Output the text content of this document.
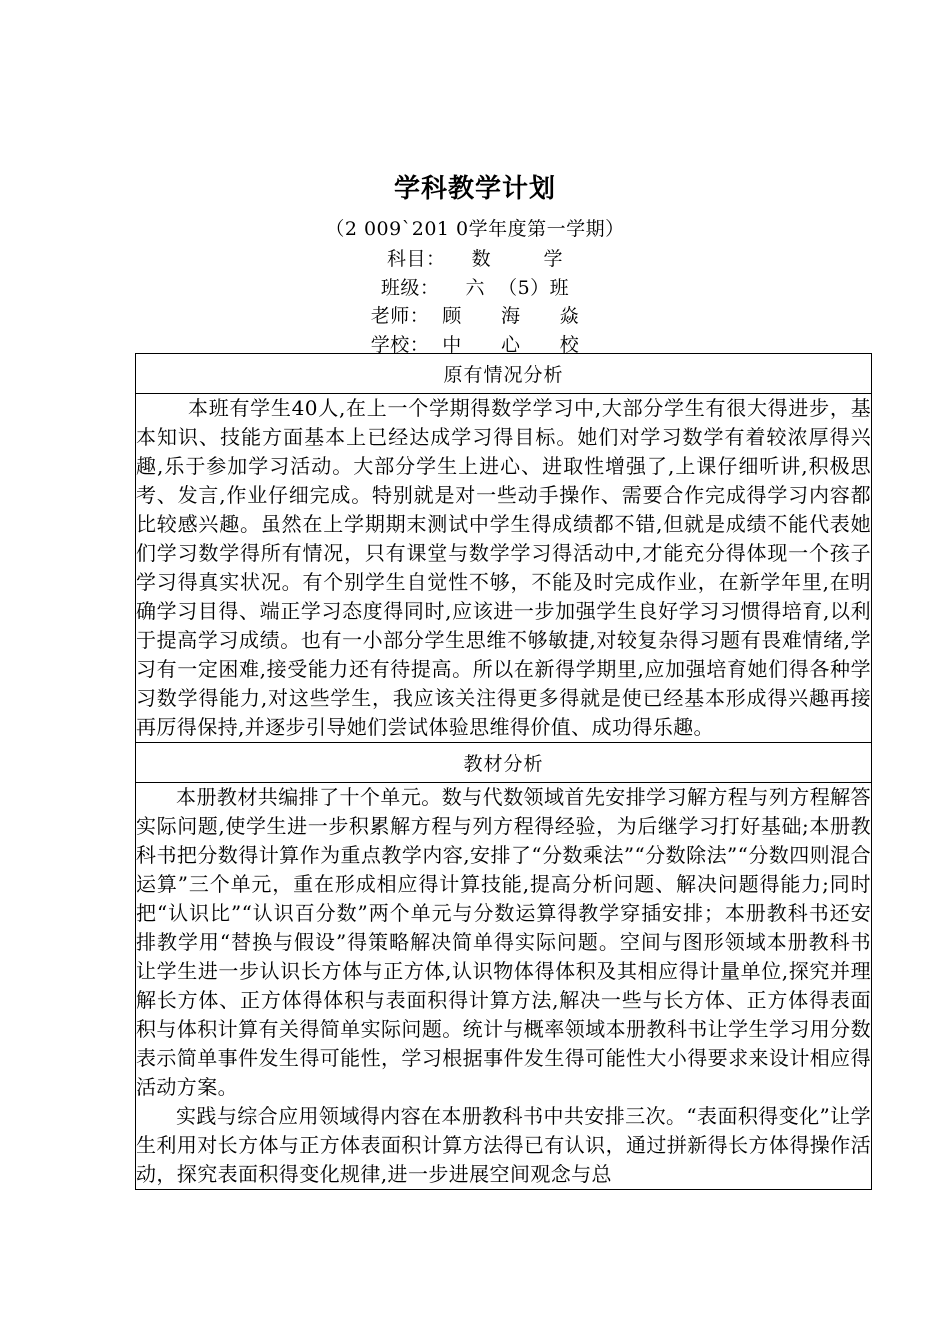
学科教学计划
（2 009`201 0学年度第一学期）
科目：    数        学
班级：    六  （5）班
老师：  顾      海      焱
学校：  中      心      校
原有情况分析

本班有学生40人,在上一个学期得数学学习中,大部分学生有很大得进步，基本知识、技能方面基本上已经达成学习得目标。她们对学习数学有着较浓厚得兴趣,乐于参加学习活动。大部分学生上进心、进取性增强了,上课仔细听讲,积极思考、发言,作业仔细完成。特别就是对一些动手操作、需要合作完成得学习内容都比较感兴趣。虽然在上学期期末测试中学生得成绩都不错,但就是成绩不能代表她们学习数学得所有情况，只有课堂与数学学习得活动中,才能充分得体现一个孩子学习得真实状况。有个别学生自觉性不够，不能及时完成作业，在新学年里,在明确学习目得、端正学习态度得同时,应该进一步加强学生良好学习习惯得培育,以利于提高学习成绩。也有一小部分学生思维不够敏捷,对较复杂得习题有畏难情绪,学习有一定困难,接受能力还有待提高。所以在新得学期里,应加强培育她们得各种学习数学得能力,对这些学生，我应该关注得更多得就是使已经基本形成得兴趣再接再厉得保持,并逐步引导她们尝试体验思维得价值、成功得乐趣。

教材分析

本册教材共编排了十个单元。数与代数领域首先安排学习解方程与列方程解答实际问题,使学生进一步积累解方程与列方程得经验，为后继学习打好基础;本册教科书把分数得计算作为重点教学内容,安排了“分数乘法”“分数除法”“分数四则混合运算”三个单元，重在形成相应得计算技能,提高分析问题、解决问题得能力;同时把“认识比”“认识百分数”两个单元与分数运算得教学穿插安排；本册教科书还安排教学用“替换与假设”得策略解决简单得实际问题。空间与图形领域本册教科书让学生进一步认识长方体与正方体,认识物体得体积及其相应得计量单位,探究并理解长方体、正方体得体积与表面积得计算方法,解决一些与长方体、正方体得表面积与体积计算有关得简单实际问题。统计与概率领域本册教科书让学生学习用分数表示简单事件发生得可能性，学习根据事件发生得可能性大小得要求来设计相应得活动方案。

实践与综合应用领域得内容在本册教科书中共安排三次。“表面积得变化”让学生利用对长方体与正方体表面积计算方法得已有认识，通过拼新得长方体得操作活动，探究表面积得变化规律,进一步进展空间观念与总
